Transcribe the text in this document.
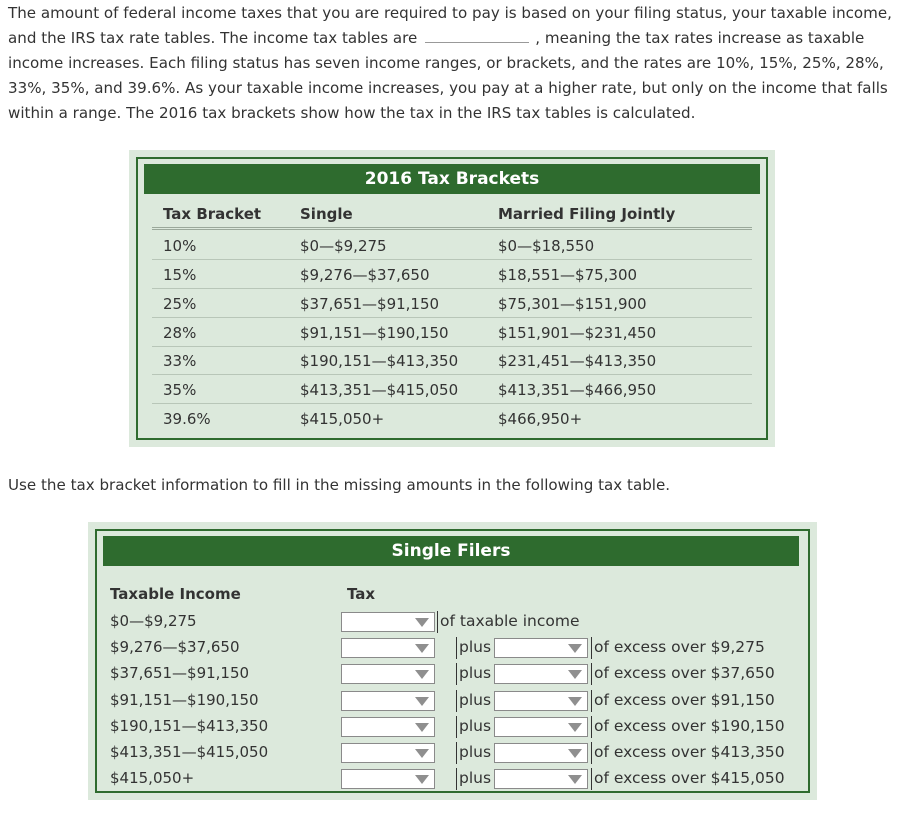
The amount of federal income taxes that you are required to pay is based on your filing status, your taxable income, and the IRS tax rate tables. The income tax tables are	, meaning the tax rates increase as taxable income increases. Each filing status has seven income ranges, or brackets, and the rates are 10%, 15%, 25%, 28%, 33%, 35%, and 39.6%. As your taxable income increases, you pay at a higher rate, but only on the income that falls within a range. The 2016 tax brackets show how the tax in the IRS tax tables is calculated.

2016 Tax Brackets
Tax Bracket	Single	Married Filing Jointly
10%	$0—$9,275	$0—$18,550
15%	$9,276—$37,650	$18,551—$75,300
25%	$37,651—$91,150	$75,301—$151,900
28%	$91,151—$190,150	$151,901—$231,450
33%	$190,151—$413,350	$231,451—$413,350
35%	$413,351—$415,050	$413,351—$466,950
39.6%	$415,050+	$466,950+

Use the tax bracket information to fill in the missing amounts in the following tax table.

Single Filers
Taxable Income	Tax
$0—$9,275	of taxable income
$9,276—$37,650	plus	of excess over $9,275
$37,651—$91,150	plus	of excess over $37,650
$91,151—$190,150	plus	of excess over $91,150
$190,151—$413,350	plus	of excess over $190,150
$413,351—$415,050	plus	of excess over $413,350
$415,050+	plus	of excess over $415,050
